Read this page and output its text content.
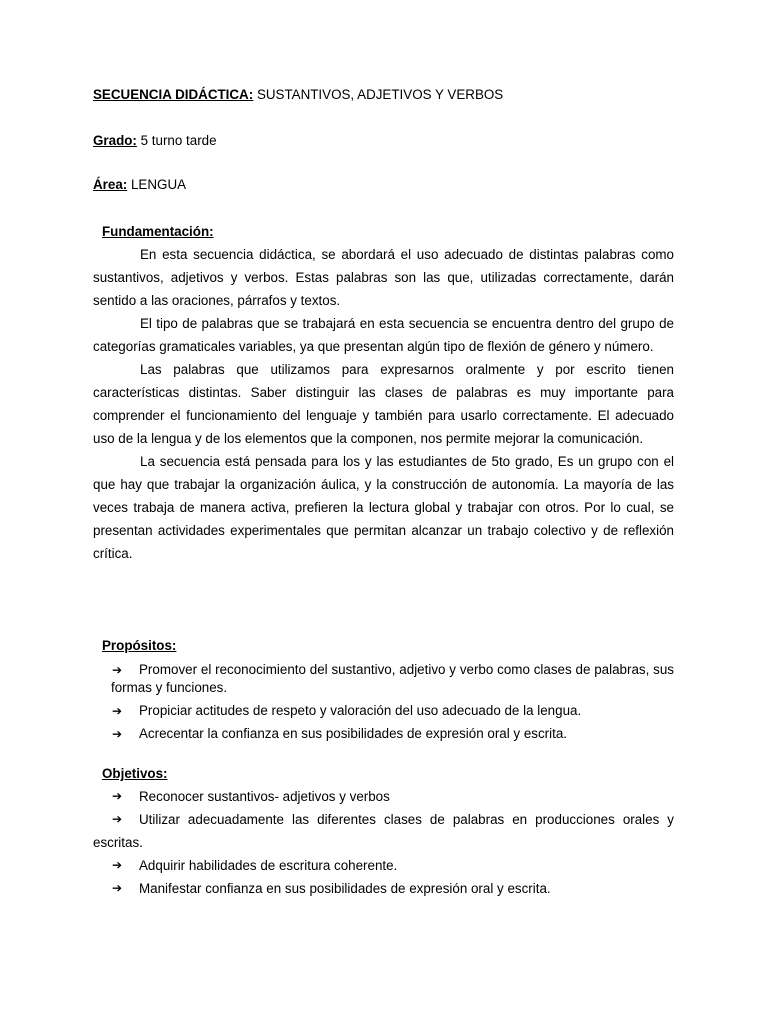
SECUENCIA DIDÁCTICA: SUSTANTIVOS, ADJETIVOS Y VERBOS
Grado: 5 turno tarde
Área: LENGUA
Fundamentación:

En esta secuencia didáctica, se abordará el uso adecuado de distintas palabras como sustantivos, adjetivos y verbos. Estas palabras son las que, utilizadas correctamente, darán sentido a las oraciones, párrafos y textos.

El tipo de palabras que se trabajará en esta secuencia se encuentra dentro del grupo de categorías gramaticales variables, ya que presentan algún tipo de flexión de género y número.

Las palabras que utilizamos para expresarnos oralmente y por escrito tienen características distintas. Saber distinguir las clases de palabras es muy importante para comprender el funcionamiento del lenguaje y también para usarlo correctamente. El adecuado uso de la lengua y de los elementos que la componen, nos permite mejorar la comunicación.

La secuencia está pensada para los y las estudiantes de 5to grado, Es un grupo con el que hay que trabajar la organización áulica, y la construcción de autonomía. La mayoría de las veces trabaja de manera activa, prefieren la lectura global y trabajar con otros. Por lo cual, se presentan actividades experimentales que permitan alcanzar un trabajo colectivo y de reflexión crítica.

Propósitos:
➔	Promover el reconocimiento del sustantivo, adjetivo y verbo como clases de palabras, sus formas y funciones.
➔ Propiciar actitudes de respeto y valoración del uso adecuado de la lengua.
➔ Acrecentar la confianza en sus posibilidades de expresión oral y escrita.
Objetivos:
➔ Reconocer sustantivos- adjetivos y verbos
➔	Utilizar adecuadamente las diferentes clases de palabras en producciones orales y escritas.
➔ Adquirir habilidades de escritura coherente.
➔ Manifestar confianza en sus posibilidades de expresión oral y escrita.
